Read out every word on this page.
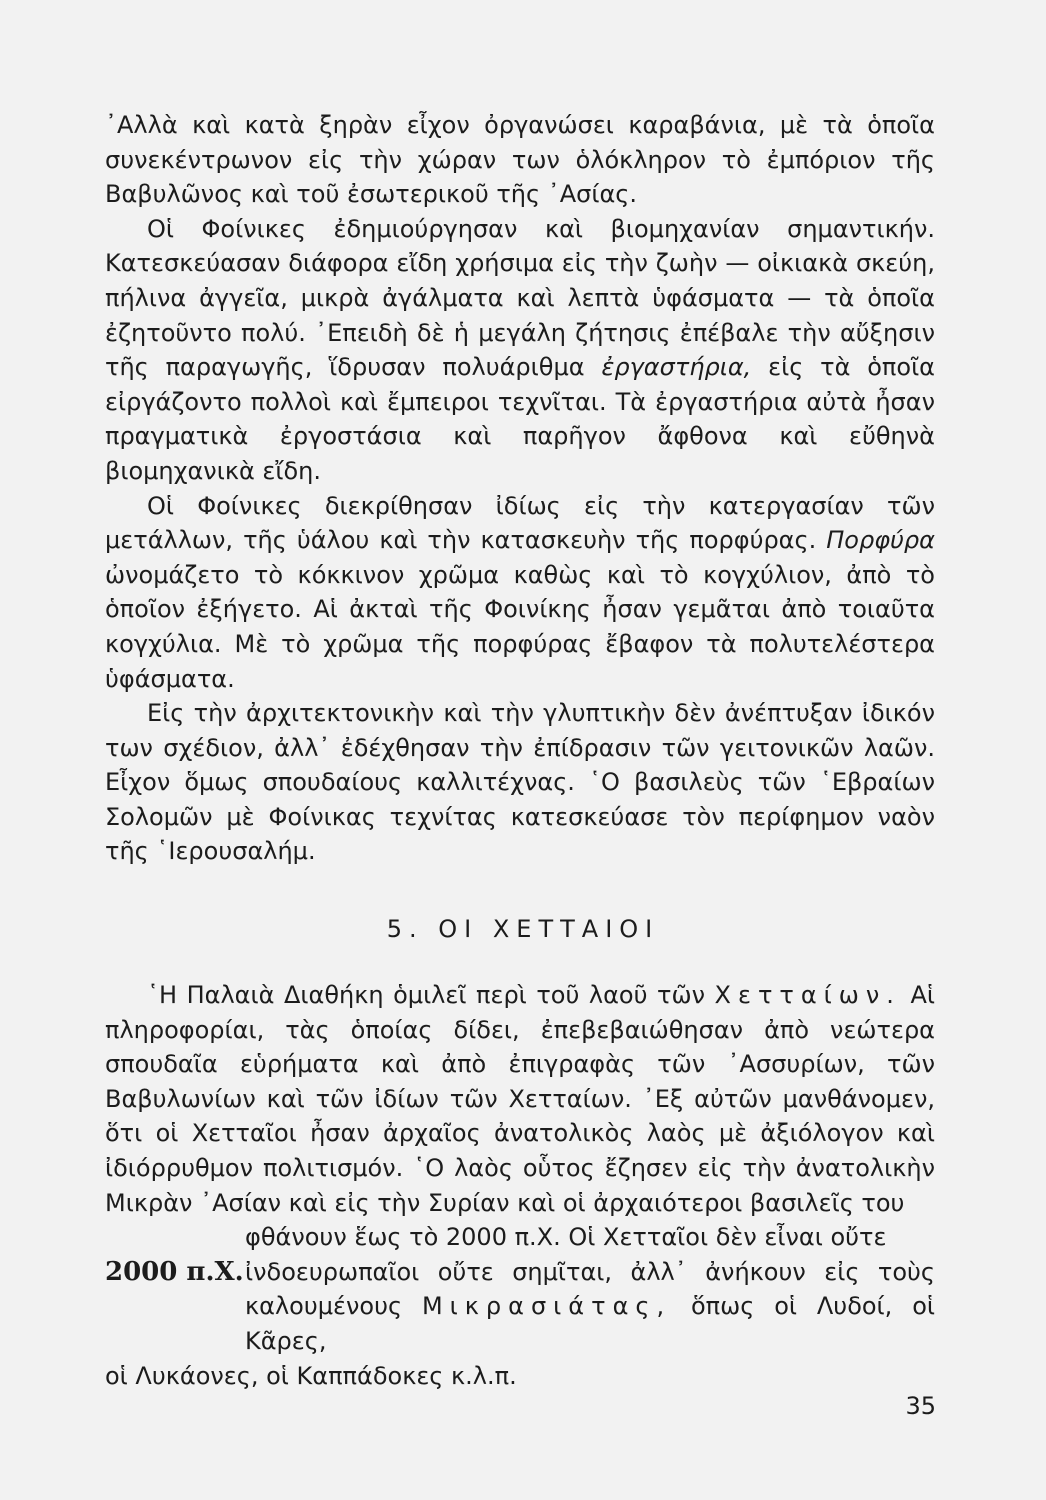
᾿Αλλὰ καὶ κατὰ ξηρὰν εἶχον ὀργανώσει καραβάνια, μὲ τὰ ὁποῖα συνεκέντρωνον εἰς τὴν χώραν των ὁλόκληρον τὸ ἐμπόριον τῆς Βαβυλῶνος καὶ τοῦ ἐσωτερικοῦ τῆς ᾿Ασίας.

Οἱ Φοίνικες ἐδημιούργησαν καὶ βιομηχανίαν σημαντικήν. Κατεσκεύασαν διάφορα εἴδη χρήσιμα εἰς τὴν ζωὴν — οἰκιακὰ σκεύη, πήλινα ἀγγεῖα, μικρὰ ἀγάλματα καὶ λεπτὰ ὑφάσματα — τὰ ὁποῖα ἐζητοῦντο πολύ. ᾿Επειδὴ δὲ ἡ μεγάλη ζήτησις ἐπέβαλε τὴν αὔξησιν τῆς παραγωγῆς, ἵδρυσαν πολυάριθμα ἐργαστήρια, εἰς τὰ ὁποῖα εἰργάζοντο πολλοὶ καὶ ἔμπειροι τεχνῖται. Τὰ ἐργαστήρια αὐτὰ ἦσαν πραγματικὰ ἐργοστάσια καὶ παρῆγον ἄφθονα καὶ εὔθηνὰ βιομηχανικὰ εἴδη.

Οἱ Φοίνικες διεκρίθησαν ἰδίως εἰς τὴν κατεργασίαν τῶν μετάλλων, τῆς ὑάλου καὶ τὴν κατασκευὴν τῆς πορφύρας. Πορφύρα ὠνομάζετο τὸ κόκκινον χρῶμα καθὼς καὶ τὸ κογχύλιον, ἀπὸ τὸ ὁποῖον ἐξήγετο. Αἱ ἀκταὶ τῆς Φοινίκης ἦσαν γεμᾶται ἀπὸ τοιαῦτα κογχύλια. Μὲ τὸ χρῶμα τῆς πορφύρας ἔβαφον τὰ πολυτελέστερα ὑφάσματα.

Εἰς τὴν ἀρχιτεκτονικὴν καὶ τὴν γλυπτικὴν δὲν ἀνέπτυξαν ἰδικόν των σχέδιον, ἀλλ᾿ ἐδέχθησαν τὴν ἐπίδρασιν τῶν γειτονικῶν λαῶν. Εἶχον ὅμως σπουδαίους καλλιτέχνας. ῾Ο βασιλεὺς τῶν ῾Εβραίων Σολομῶν μὲ Φοίνικας τεχνίτας κατεσκεύασε τὸν περίφημον ναὸν τῆς ῾Ιερουσαλήμ.

5. ΟΙ ΧΕΤΤΑΙΟΙ

῾Η Παλαιὰ Διαθήκη ὁμιλεῖ περὶ τοῦ λαοῦ τῶν Χετταίων. Αἱ πληροφορίαι, τὰς ὁποίας δίδει, ἐπεβεβαιώθησαν ἀπὸ νεώτερα σπουδαῖα εὑρήματα καὶ ἀπὸ ἐπιγραφὰς τῶν ᾿Ασσυρίων, τῶν Βαβυλωνίων καὶ τῶν ἰδίων τῶν Χετταίων. ᾿Εξ αὐτῶν μανθάνομεν, ὅτι οἱ Χετταῖοι ἦσαν ἀρχαῖος ἀνατολικὸς λαὸς μὲ ἀξιόλογον καὶ ἰδιόρρυθμον πολιτισμόν. ῾Ο λαὸς οὗτος ἔζησεν εἰς τὴν ἀνατολικὴν Μικρὰν ᾿Ασίαν καὶ εἰς τὴν Συρίαν καὶ οἱ ἀρχαιότεροι βασιλεῖς του

φθάνουν ἕως τὸ 2000 π.Χ. Οἱ Χετταῖοι δὲν εἶναι οὔτε
2000 π.Χ. ἰνδοευρωπαῖοι οὔτε σημῖται, ἀλλ᾿ ἀνήκουν εἰς τοὺς καλουμένους Μικρασιάτας, ὅπως οἱ Λυδοί, οἱ Κᾶρες,

οἱ Λυκάονες, οἱ Καππάδοκες κ.λ.π.

35
